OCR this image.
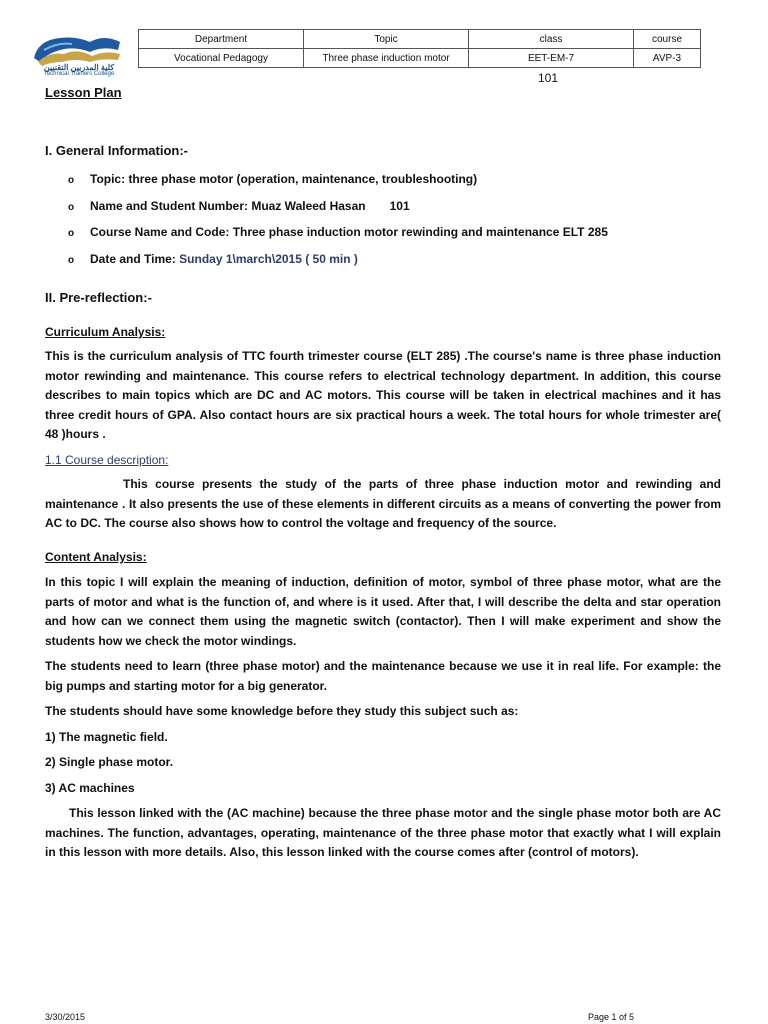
كلية المدربين التقنيين
Technical Trainers College
Department	Topic	class	course
Vocational Pedagogy	Three phase induction motor	EET-EM-7	AVP-3
101
Lesson Plan
I. General Information:-
o Topic: three phase motor (operation, maintenance, troubleshooting)
o Name and Student Number: Muaz Waleed Hasan 101
o Course Name and Code: Three phase induction motor rewinding and maintenance ELT 285
o Date and Time: Sunday 1\march\2015 ( 50 min )
II. Pre-reflection:-
Curriculum Analysis:
This is the curriculum analysis of TTC fourth trimester course (ELT 285) .The course's name is three phase induction motor rewinding and maintenance. This course refers to electrical technology department. In addition, this course describes to main topics which are DC and AC motors. This course will be taken in electrical machines and it has three credit hours of GPA. Also contact hours are six practical hours a week. The total hours for whole trimester are( 48 )hours .
1.1 Course description:
This course presents the study of the parts of three phase induction motor and rewinding and maintenance . It also presents the use of these elements in different circuits as a means of converting the power from AC to DC. The course also shows how to control the voltage and frequency of the source.
Content Analysis:
In this topic I will explain the meaning of induction, definition of motor, symbol of three phase motor, what are the parts of motor and what is the function of, and where is it used. After that, I will describe the delta and star operation and how can we connect them using the magnetic switch (contactor). Then I will make experiment and show the students how we check the motor windings.
The students need to learn (three phase motor) and the maintenance because we use it in real life. For example: the big pumps and starting motor for a big generator.
The students should have some knowledge before they study this subject such as:
1) The magnetic field.
2) Single phase motor.
3) AC machines
This lesson linked with the (AC machine) because the three phase motor and the single phase motor both are AC machines. The function, advantages, operating, maintenance of the three phase motor that exactly what I will explain in this lesson with more details. Also, this lesson linked with the course comes after (control of motors).
3/30/2015	Page 1 of 5
